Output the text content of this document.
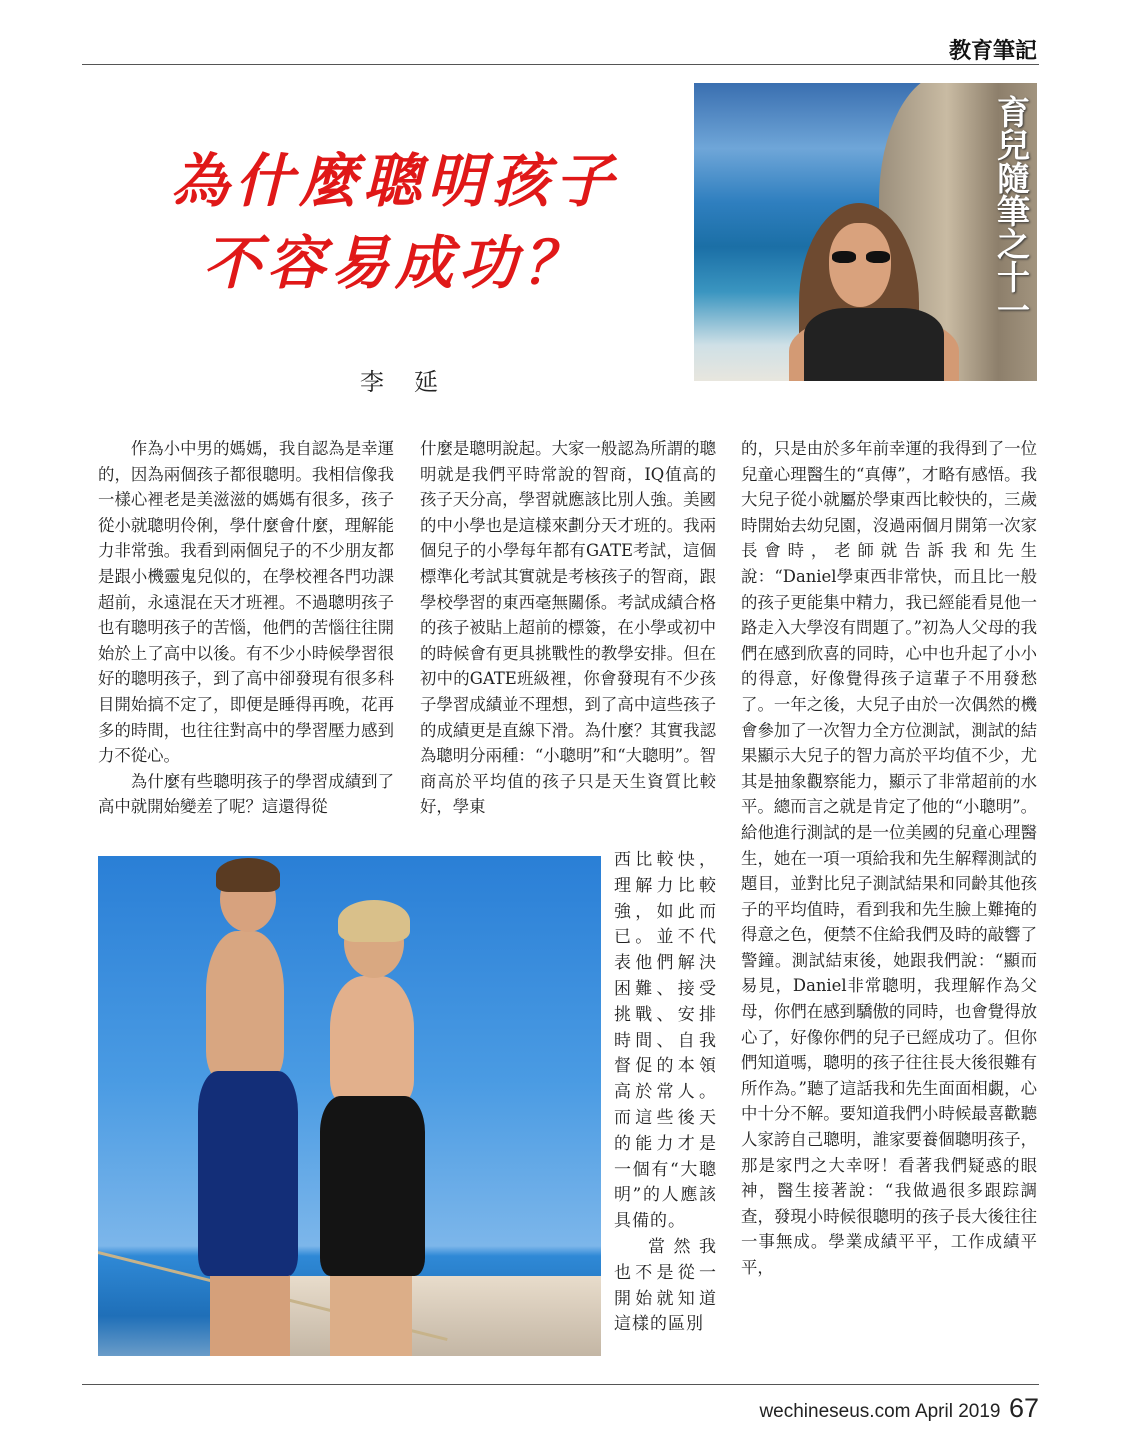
教育筆記
為什麼聰明孩子
不容易成功？
李延
育兒隨筆之十一

作為小中男的媽媽，我自認為是幸運的，因為兩個孩子都很聰明。我相信像我一樣心裡老是美滋滋的媽媽有很多，孩子從小就聰明伶俐，學什麼會什麼，理解能力非常強。我看到兩個兒子的不少朋友都是跟小機靈鬼兒似的，在學校裡各門功課超前，永遠混在天才班裡。不過聰明孩子也有聰明孩子的苦惱，他們的苦惱往往開始於上了高中以後。有不少小時候學習很好的聰明孩子，到了高中卻發現有很多科目開始搞不定了，即便是睡得再晚，花再多的時間，也往往對高中的學習壓力感到力不從心。

為什麼有些聰明孩子的學習成績到了高中就開始變差了呢？這還得從

什麼是聰明說起。大家一般認為所謂的聰明就是我們平時常說的智商，IQ值高的孩子天分高，學習就應該比別人強。美國的中小學也是這樣來劃分天才班的。我兩個兒子的小學每年都有GATE考試，這個標準化考試其實就是考核孩子的智商，跟學校學習的東西毫無關係。考試成績合格的孩子被貼上超前的標簽，在小學或初中的時候會有更具挑戰性的教學安排。但在初中的GATE班級裡，你會發現有不少孩子學習成績並不理想，到了高中這些孩子的成績更是直線下滑。為什麼？其實我認為聰明分兩種：“小聰明”和“大聰明”。智商高於平均值的孩子只是天生資質比較好，學東

西比較快，理解力比較強，如此而已。並不代表他們解決困難、接受挑戰、安排時間、自我督促的本領高於常人。而這些後天的能力才是一個有“大聰明”的人應該具備的。

當然我也不是從一開始就知道這樣的區別

的，只是由於多年前幸運的我得到了一位兒童心理醫生的“真傳”，才略有感悟。我大兒子從小就屬於學東西比較快的，三歲時開始去幼兒園，沒過兩個月開第一次家長會時，老師就告訴我和先生說：“Daniel學東西非常快，而且比一般的孩子更能集中精力，我已經能看見他一路走入大學沒有問題了。”初為人父母的我們在感到欣喜的同時，心中也升起了小小的得意，好像覺得孩子這輩子不用發愁了。一年之後，大兒子由於一次偶然的機會參加了一次智力全方位測試，測試的結果顯示大兒子的智力高於平均值不少，尤其是抽象觀察能力，顯示了非常超前的水平。總而言之就是肯定了他的“小聰明”。給他進行測試的是一位美國的兒童心理醫生，她在一項一項給我和先生解釋測試的題目，並對比兒子測試結果和同齡其他孩子的平均值時，看到我和先生臉上難掩的得意之色，便禁不住給我們及時的敲響了警鐘。測試結束後，她跟我們說：“顯而易見，Daniel非常聰明，我理解作為父母，你們在感到驕傲的同時，也會覺得放心了，好像你們的兒子已經成功了。但你們知道嗎，聰明的孩子往往長大後很難有所作為。”聽了這話我和先生面面相覷，心中十分不解。要知道我們小時候最喜歡聽人家誇自己聰明，誰家要養個聰明孩子，那是家門之大幸呀！看著我們疑惑的眼神，醫生接著說：“我做過很多跟踪調查，發現小時候很聰明的孩子長大後往往一事無成。學業成績平平，工作成績平平，

wechineseus.com April 2019 67
